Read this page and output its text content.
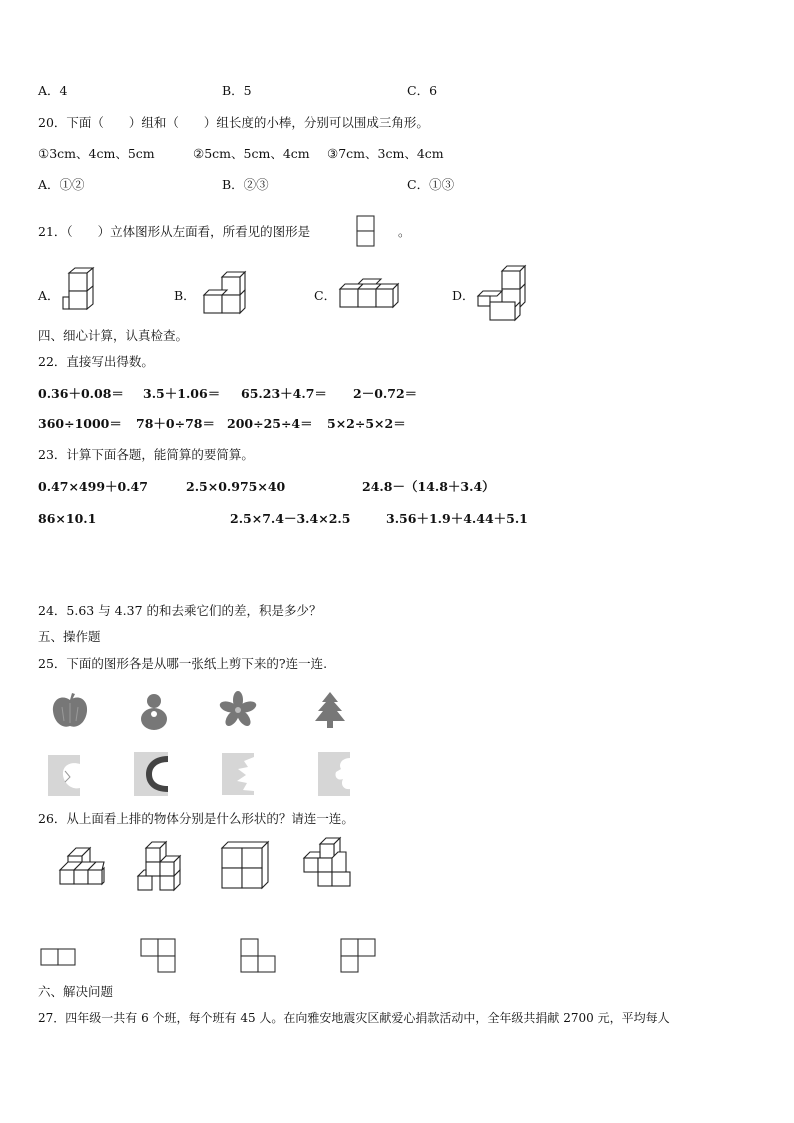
A．4	B．5	C．6
20．下面（　　）组和（　　）组长度的小棒，分别可以围成三角形。
①3cm、4cm、5cm	②5cm、5cm、4cm ③7cm、3cm、4cm
A．①②	B．②③	C．①③
21．（　　）立体图形从左面看，所看见的图形是	。
A．	B．	C．	D．
四、细心计算，认真检查。
22．直接写出得数。
0.36＋0.08＝ 3.5＋1.06＝ 65.23＋4.7＝ 2－0.72＝
360÷1000＝ 78＋0÷78＝ 200÷25÷4＝ 5×2÷5×2＝
23．计算下面各题，能简算的要简算。
0.47×499＋0.47	2.5×0.975×40	24.8－（14.8＋3.4）
86×10.1	2.5×7.4－3.4×2.5	3.56＋1.9＋4.44＋5.1
24．5.63 与 4.37 的和去乘它们的差，积是多少？
五、操作题
25．下面的图形各是从哪一张纸上剪下来的?连一连.
26．从上面看上排的物体分别是什么形状的？请连一连。
六、解决问题
27．四年级一共有 6 个班，每个班有 45 人。在向雅安地震灾区献爱心捐款活动中，全年级共捐献 2700 元，平均每人
